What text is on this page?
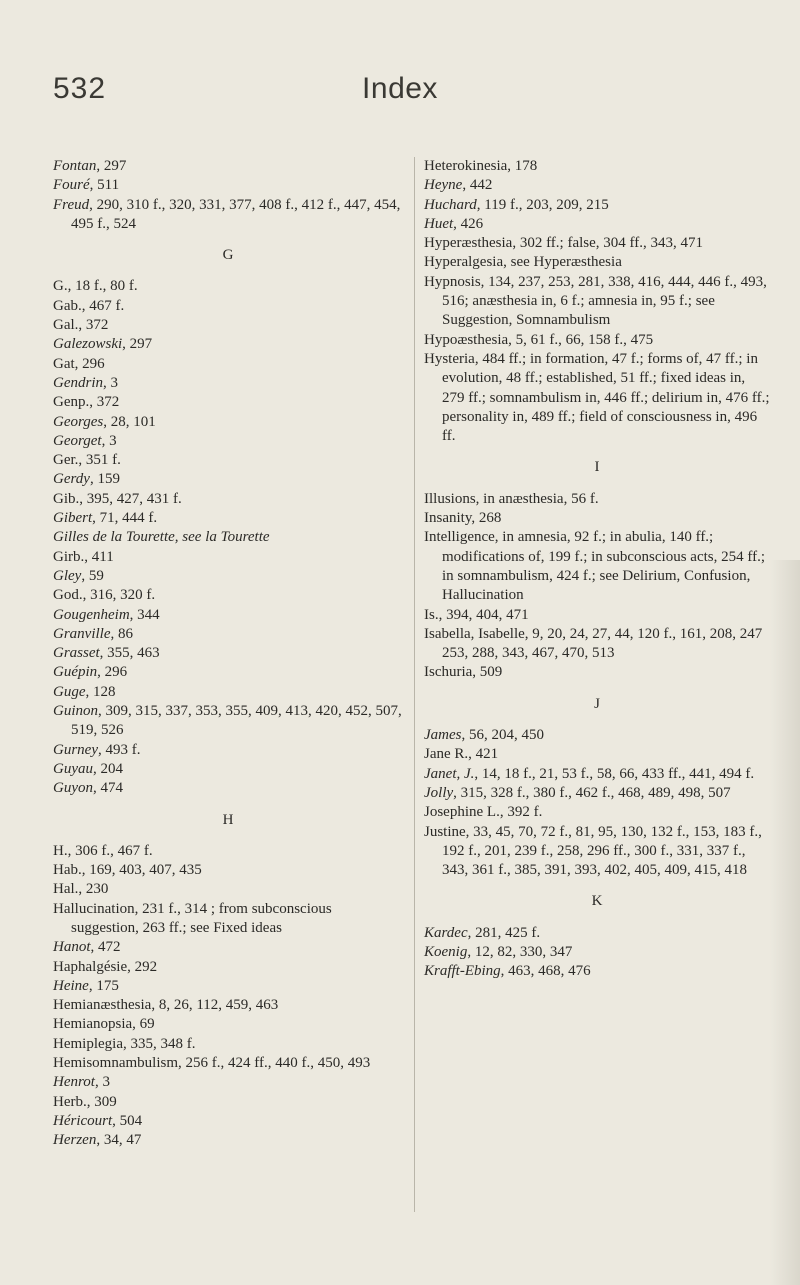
532	Index

Fontan, 297

Fouré, 511

Freud, 290, 310 f., 320, 331, 377, 408 f., 412 f., 447, 454, 495 f., 524

G

G., 18 f., 80 f.

Gab., 467 f.

Gal., 372

Galezowski, 297

Gat, 296

Gendrin, 3

Genp., 372

Georges, 28, 101

Georget, 3

Ger., 351 f.

Gerdy, 159

Gib., 395, 427, 431 f.

Gibert, 71, 444 f.

Gilles de la Tourette, see la Tourette

Girb., 411

Gley, 59

God., 316, 320 f.

Gougenheim, 344

Granville, 86

Grasset, 355, 463

Guépin, 296

Guge, 128

Guinon, 309, 315, 337, 353, 355, 409, 413, 420, 452, 507, 519, 526

Gurney, 493 f.

Guyau, 204

Guyon, 474

H

H., 306 f., 467 f.

Hab., 169, 403, 407, 435

Hal., 230

Hallucination, 231 f., 314 ; from subconscious suggestion, 263 ff.; see Fixed ideas

Hanot, 472

Haphalgésie, 292

Heine, 175

Hemianæsthesia, 8, 26, 112, 459, 463

Hemianopsia, 69

Hemiplegia, 335, 348 f.

Hemisomnambulism, 256 f., 424 ff., 440 f., 450, 493

Henrot, 3

Herb., 309

Héricourt, 504

Herzen, 34, 47

Heterokinesia, 178

Heyne, 442

Huchard, 119 f., 203, 209, 215

Huet, 426

Hyperæsthesia, 302 ff.; false, 304 ff., 343, 471

Hyperalgesia, see Hyperæsthesia

Hypnosis, 134, 237, 253, 281, 338, 416, 444, 446 f., 493, 516; anæsthesia in, 6 f.; amnesia in, 95 f.; see Suggestion, Somnambulism

Hypoæsthesia, 5, 61 f., 66, 158 f., 475

Hysteria, 484 ff.; in formation, 47 f.; forms of, 47 ff.; in evolution, 48 ff.; established, 51 ff.; fixed ideas in, 279 ff.; somnambulism in, 446 ff.; delirium in, 476 ff.; personality in, 489 ff.; field of consciousness in, 496 ff.

I

Illusions, in anæsthesia, 56 f.

Insanity, 268

Intelligence, in amnesia, 92 f.; in abulia, 140 ff.; modifications of, 199 f.; in subconscious acts, 254 ff.; in somnambulism, 424 f.; see Delirium, Confusion, Hallucination

Is., 394, 404, 471

Isabella, Isabelle, 9, 20, 24, 27, 44, 120 f., 161, 208, 247 253, 288, 343, 467, 470, 513

Ischuria, 509

J

James, 56, 204, 450

Jane R., 421

Janet, J., 14, 18 f., 21, 53 f., 58, 66, 433 ff., 441, 494 f.

Jolly, 315, 328 f., 380 f., 462 f., 468, 489, 498, 507

Josephine L., 392 f.

Justine, 33, 45, 70, 72 f., 81, 95, 130, 132 f., 153, 183 f., 192 f., 201, 239 f., 258, 296 ff., 300 f., 331, 337 f., 343, 361 f., 385, 391, 393, 402, 405, 409, 415, 418

K

Kardec, 281, 425 f.

Koenig, 12, 82, 330, 347

Krafft-Ebing, 463, 468, 476
